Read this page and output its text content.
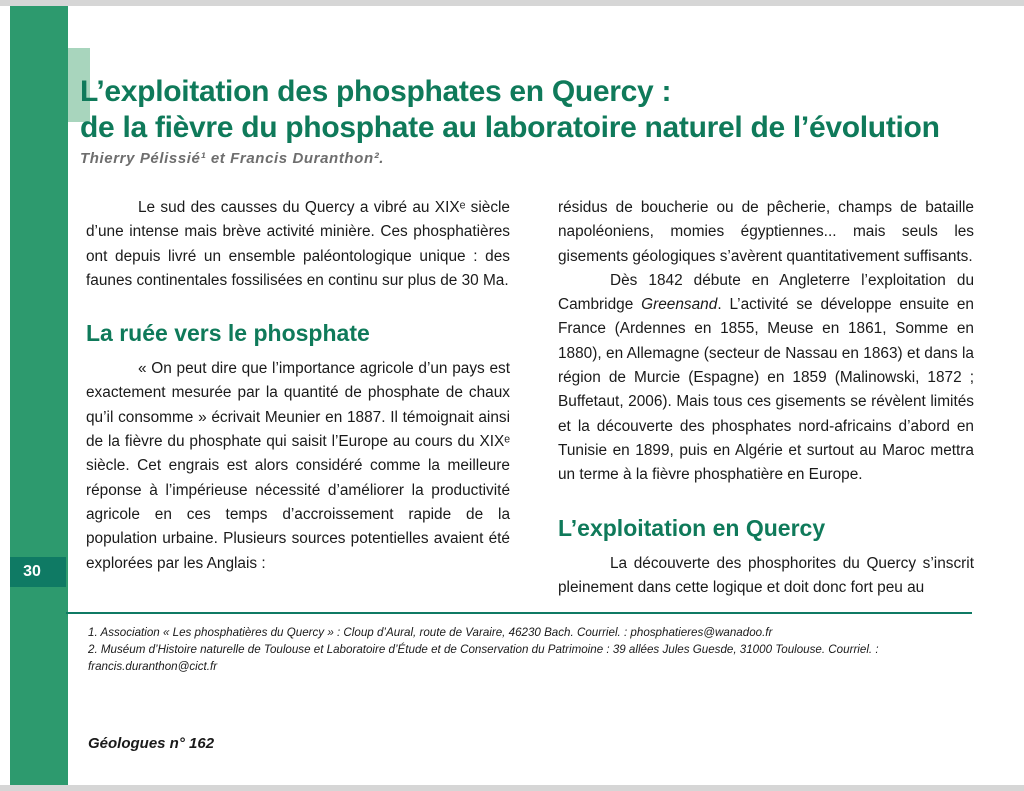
30
L’exploitation des phosphates en Quercy :
de la fièvre du phosphate au laboratoire naturel de l’évolution
Thierry Pélissié¹ et Francis Duranthon².

Le sud des causses du Quercy a vibré au XIXᵉ siècle d’une intense mais brève activité minière. Ces phosphatières ont depuis livré un ensemble paléontologique unique : des faunes continentales fossilisées en continu sur plus de 30 Ma.

La ruée vers le phosphate

« On peut dire que l’importance agricole d’un pays est exactement mesurée par la quantité de phosphate de chaux qu’il consomme » écrivait Meunier en 1887. Il témoignait ainsi de la fièvre du phosphate qui saisit l’Europe au cours du XIXᵉ siècle. Cet engrais est alors considéré comme la meilleure réponse à l’impérieuse nécessité d’améliorer la productivité agricole en ces temps d’accroissement rapide de la population urbaine. Plusieurs sources potentielles avaient été explorées par les Anglais :

résidus de boucherie ou de pêcherie, champs de bataille napoléoniens, momies égyptiennes... mais seuls les gisements géologiques s’avèrent quantitativement suffisants.

Dès 1842 débute en Angleterre l’exploitation du Cambridge Greensand. L’activité se développe ensuite en France (Ardennes en 1855, Meuse en 1861, Somme en 1880), en Allemagne (secteur de Nassau en 1863) et dans la région de Murcie (Espagne) en 1859 (Malinowski, 1872 ; Buffetaut, 2006). Mais tous ces gisements se révèlent limités et la découverte des phosphates nord-africains d’abord en Tunisie en 1899, puis en Algérie et surtout au Maroc mettra un terme à la fièvre phosphatière en Europe.

L’exploitation en Quercy

La découverte des phosphorites du Quercy s’inscrit pleinement dans cette logique et doit donc fort peu au

1. Association « Les phosphatières du Quercy » : Cloup d’Aural, route de Varaire, 46230 Bach. Courriel. : phosphatieres@wanadoo.fr

2. Muséum d’Histoire naturelle de Toulouse et Laboratoire d’Étude et de Conservation du Patrimoine : 39 allées Jules Guesde, 31000 Toulouse. Courriel. : francis.duranthon@cict.fr

Géologues n° 162
